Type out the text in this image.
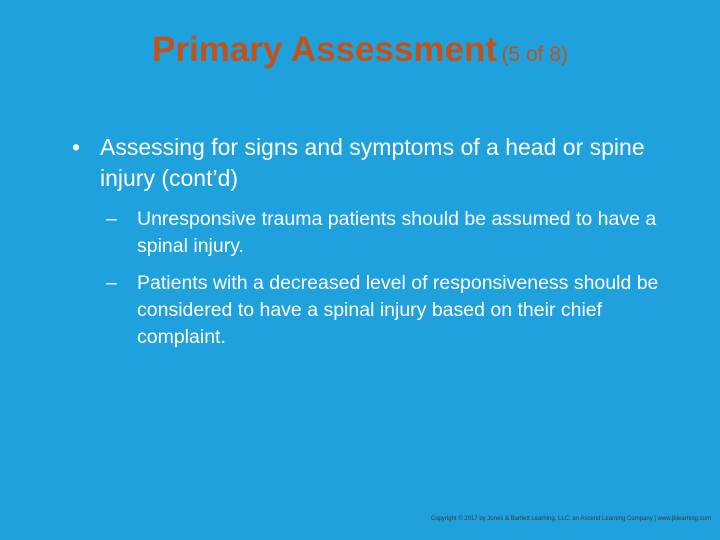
Primary Assessment (5 of 8)
• Assessing for signs and symptoms of a head or spine injury (cont’d)
– Unresponsive trauma patients should be assumed to have a spinal injury.
– Patients with a decreased level of responsiveness should be considered to have a spinal injury based on their chief complaint.
Copyright © 2017 by Jones & Bartlett Learning, LLC, an Ascend Learning Company | www.jblearning.com
